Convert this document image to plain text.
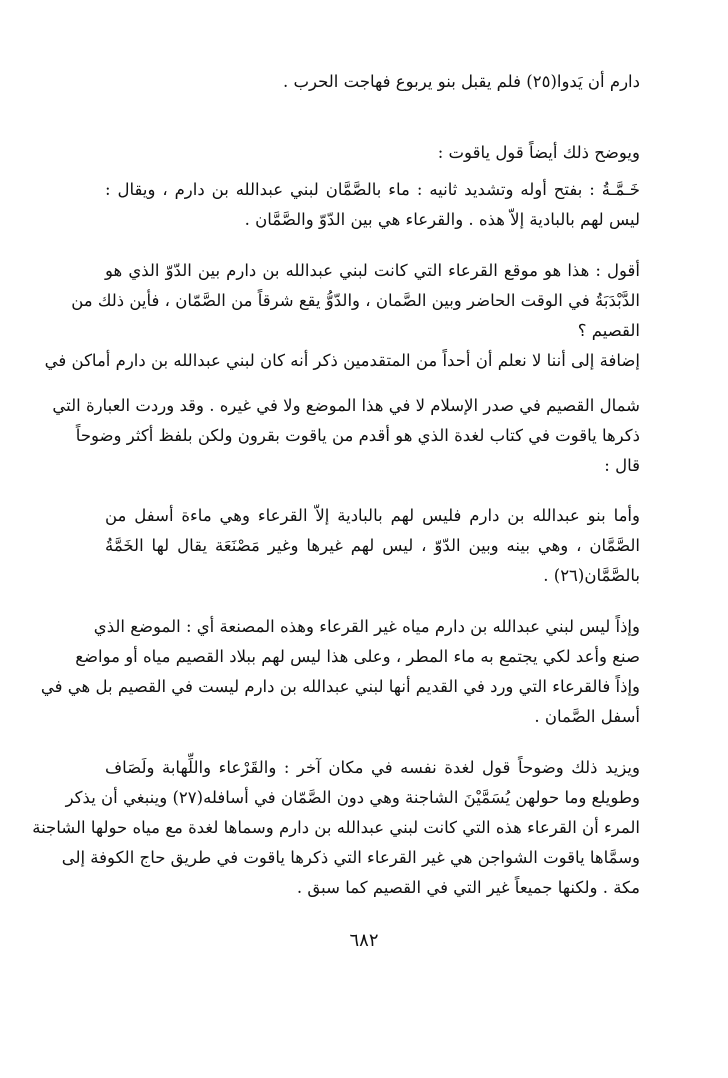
دارم أن يَدوا(٢٥) فلم يقبل بنو يربوع فهاجت الحرب .
ويوضح ذلك أيضاً قول ياقوت :
خَـمَّـةُ : بفتح أوله وتشديد ثانيه : ماء بالصَّمَّان لبني عبدالله بن دارم ، ويقال :
ليس لهم بالبادية إلاّ هذه . والقرعاء هي بين الدّوّ والصَّمَّان .
أقول : هذا هو موقع القرعاء التي كانت لبني عبدالله بن دارم بين الدّوّ الذي هو
الدَّبْدَبَةُ في الوقت الحاضر وبين الصَّمان ، والدّوُّ يقع شرقاً من الصَّمّان ، فأين ذلك من
القصيم ؟
إضافة إلى أننا لا نعلم أن أحداً من المتقدمين ذكر أنه كان لبني عبدالله بن دارم أماكن في
شمال القصيم في صدر الإسلام لا في هذا الموضع ولا في غيره . وقد وردت العبارة التي
ذكرها ياقوت في كتاب لغدة الذي هو أقدم من ياقوت بقرون ولكن بلفظ أكثر وضوحاً
قال :
وأما بنو عبدالله بن دارم فليس لهم بالبادية إلاّ القرعاء وهي ماءة أسفل من
الصَّمَّان ، وهي بينه وبين الدّوّ ، ليس لهم غيرها وغير مَصْنَعَة يقال لها الخَمَّةُ
بالصَّمَّان(٢٦) .
وإذاً ليس لبني عبدالله بن دارم مياه غير القرعاء وهذه المصنعة أي : الموضع الذي
صنع وأعد لكي يجتمع به ماء المطر ، وعلى هذا ليس لهم ببلاد القصيم مياه أو مواضع
وإذاً فالقرعاء التي ورد في القديم أنها لبني عبدالله بن دارم ليست في القصيم بل هي في
أسفل الصَّمان .
ويزيد ذلك وضوحاً قول لغدة نفسه في مكان آخر : والقَرْعاء واللِّهابة ولَصَاف
وطويلع وما حولهن يُسَمَّيْنَ الشاجنة وهي دون الصَّمّان في أسافله(٢٧) وينبغي أن يذكر
المرء أن القرعاء هذه التي كانت لبني عبدالله بن دارم وسماها لغدة مع مياه حولها الشاجنة
وسمَّاها ياقوت الشواجن هي غير القرعاء التي ذكرها ياقوت في طريق حاج الكوفة إلى
مكة . ولكنها جميعاً غير التي في القصيم كما سبق .
٦٨٢
